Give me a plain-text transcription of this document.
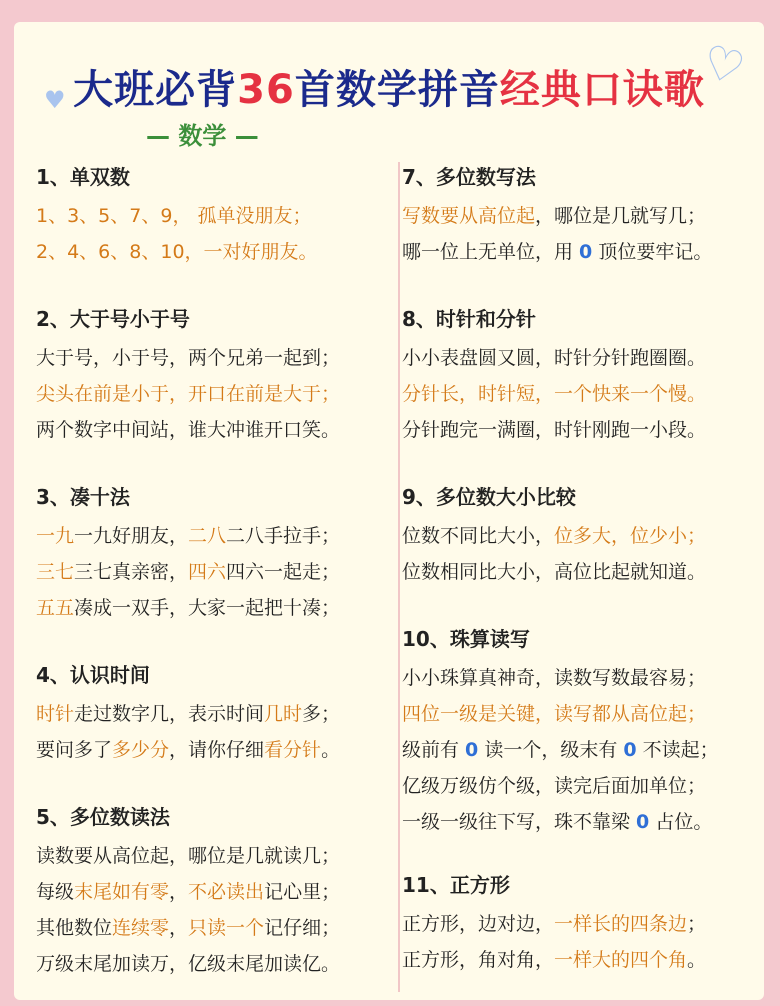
♥
♡
大班必背36首数学拼音经典口诀歌
— 数学 —
1、单双数
1、3、5、7、9， 孤单没朋友；
2、4、6、8、10，一对好朋友。
2、大于号小于号
大于号，小于号，两个兄弟一起到；
尖头在前是小于，开口在前是大于；
两个数字中间站，谁大冲谁开口笑。
3、凑十法
一九一九好朋友，二八二八手拉手；
三七三七真亲密，四六四六一起走；
五五凑成一双手，大家一起把十凑；
4、认识时间
时针走过数字几，表示时间几时多；
要问多了多少分，请你仔细看分针。
5、多位数读法
读数要从高位起，哪位是几就读几；
每级末尾如有零，不必读出记心里；
其他数位连续零，只读一个记仔细；
万级末尾加读万，亿级末尾加读亿。
7、多位数写法
写数要从高位起，哪位是几就写几；
哪一位上无单位，用 0 顶位要牢记。
8、时针和分针
小小表盘圆又圆，时针分针跑圈圈。
分针长，时针短，一个快来一个慢。
分针跑完一满圈，时针刚跑一小段。
9、多位数大小比较
位数不同比大小，位多大，位少小；
位数相同比大小，高位比起就知道。
10、珠算读写
小小珠算真神奇，读数写数最容易；
四位一级是关键，读写都从高位起；
级前有 0 读一个，级末有 0 不读起；
亿级万级仿个级，读完后面加单位；
一级一级往下写，珠不靠梁 0 占位。
11、正方形
正方形，边对边，一样长的四条边；
正方形，角对角，一样大的四个角。
